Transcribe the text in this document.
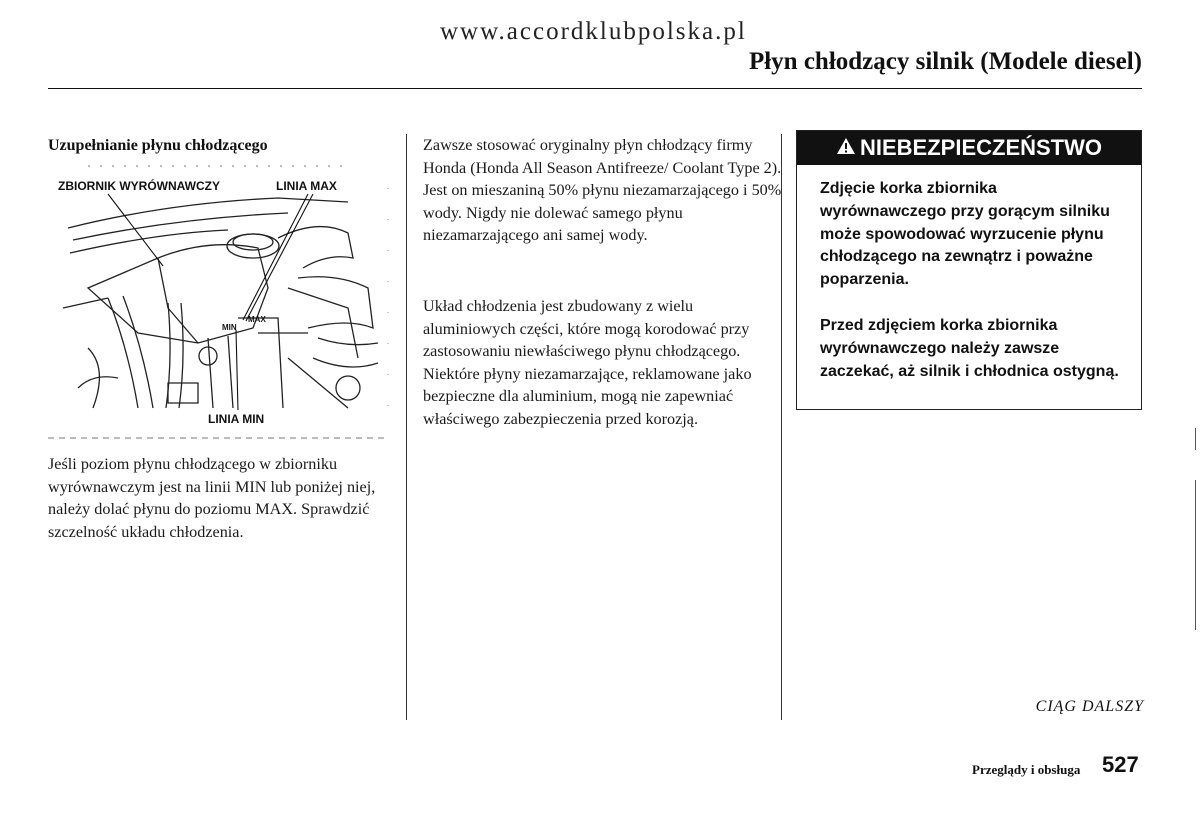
www.accordklubpolska.pl
Płyn chłodzący silnik (Modele diesel)
Uzupełnianie płynu chłodzącego
ZBIORNIK WYRÓWNAWCZY	LINIA MAX
LINIA MIN
MIN
MAX
Jeśli poziom płynu chłodzącego w zbiorniku wyrównawczym jest na linii MIN lub poniżej niej, należy dolać płynu do poziomu MAX. Sprawdzić szczelność układu chłodzenia.
Zawsze stosować oryginalny płyn chłodzący firmy Honda (Honda All Season Antifreeze/ Coolant Type 2). Jest on mieszaniną 50% płynu niezamarzającego i 50% wody. Nigdy nie dolewać samego płynu niezamarzającego ani samej wody.
Układ chłodzenia jest zbudowany z wielu aluminiowych części, które mogą korodować przy zastosowaniu niewłaściwego płynu chłodzącego. Niektóre płyny niezamarzające, reklamowane jako bezpieczne dla aluminium, mogą nie zapewniać właściwego zabezpieczenia przed korozją.
NIEBEZPIECZEŃSTWO
Zdjęcie korka zbiornika wyrównawczego przy gorącym silniku może spowodować wyrzucenie płynu chłodzącego na zewnątrz i poważne poparzenia.
Przed zdjęciem korka zbiornika wyrównawczego należy zawsze zaczekać, aż silnik i chłodnica ostygną.
CIĄG DALSZY
Przeglądy i obsługa 527
